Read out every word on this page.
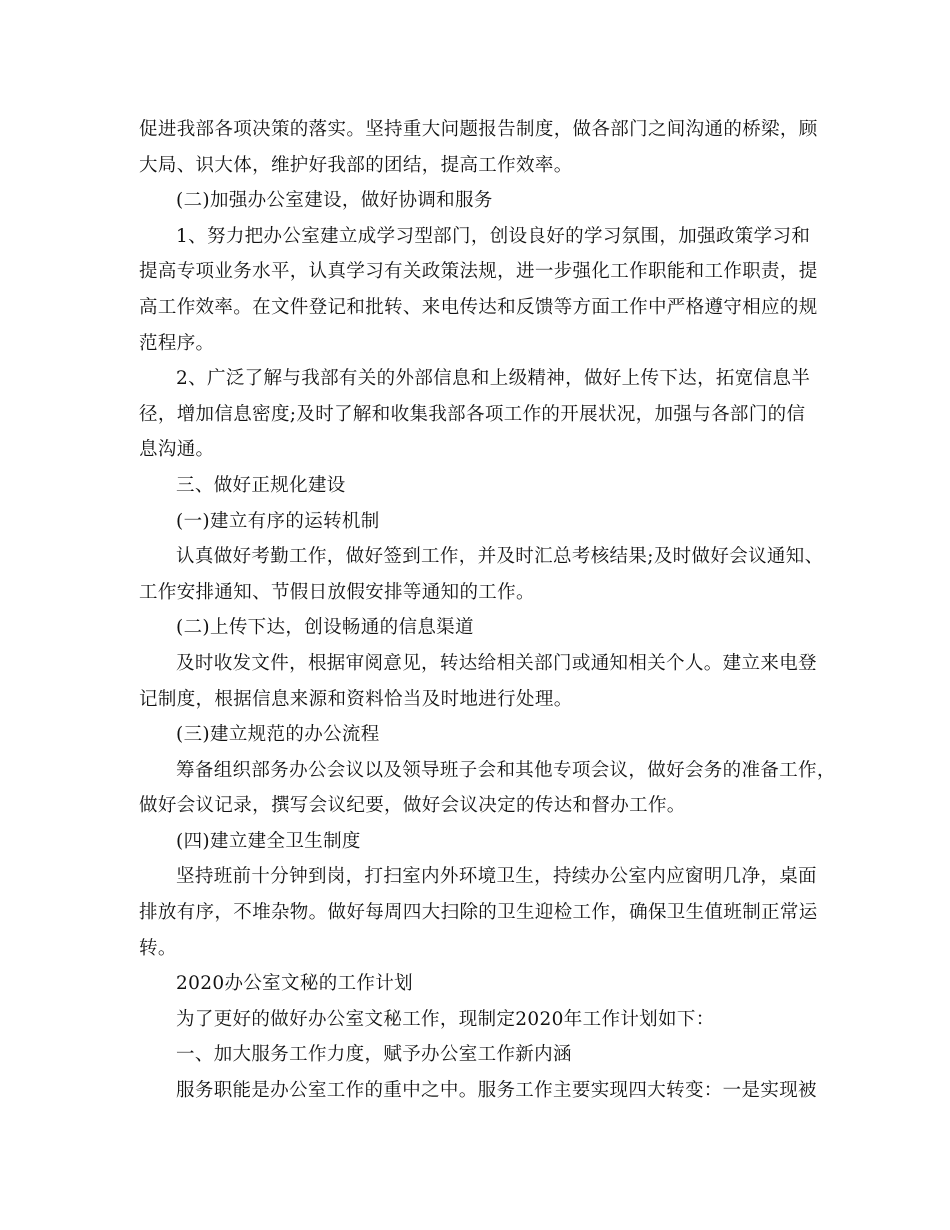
促进我部各项决策的落实。坚持重大问题报告制度，做各部门之间沟通的桥梁，顾
大局、识大体，维护好我部的团结，提高工作效率。

(二)加强办公室建设，做好协调和服务

1、努力把办公室建立成学习型部门，创设良好的学习氛围，加强政策学习和
提高专项业务水平，认真学习有关政策法规，进一步强化工作职能和工作职责，提
高工作效率。在文件登记和批转、来电传达和反馈等方面工作中严格遵守相应的规
范程序。

2、广泛了解与我部有关的外部信息和上级精神，做好上传下达，拓宽信息半
径，增加信息密度;及时了解和收集我部各项工作的开展状况，加强与各部门的信
息沟通。

三、做好正规化建设

(一)建立有序的运转机制

认真做好考勤工作，做好签到工作，并及时汇总考核结果;及时做好会议通知、
工作安排通知、节假日放假安排等通知的工作。

(二)上传下达，创设畅通的信息渠道

及时收发文件，根据审阅意见，转达给相关部门或通知相关个人。建立来电登
记制度，根据信息来源和资料恰当及时地进行处理。

(三)建立规范的办公流程

筹备组织部务办公会议以及领导班子会和其他专项会议，做好会务的准备工作，
做好会议记录，撰写会议纪要，做好会议决定的传达和督办工作。

(四)建立建全卫生制度

坚持班前十分钟到岗，打扫室内外环境卫生，持续办公室内应窗明几净，桌面
排放有序，不堆杂物。做好每周四大扫除的卫生迎检工作，确保卫生值班制正常运
转。

2020办公室文秘的工作计划

为了更好的做好办公室文秘工作，现制定2020年工作计划如下：

一、加大服务工作力度，赋予办公室工作新内涵

服务职能是办公室工作的重中之中。服务工作主要实现四大转变：一是实现被
